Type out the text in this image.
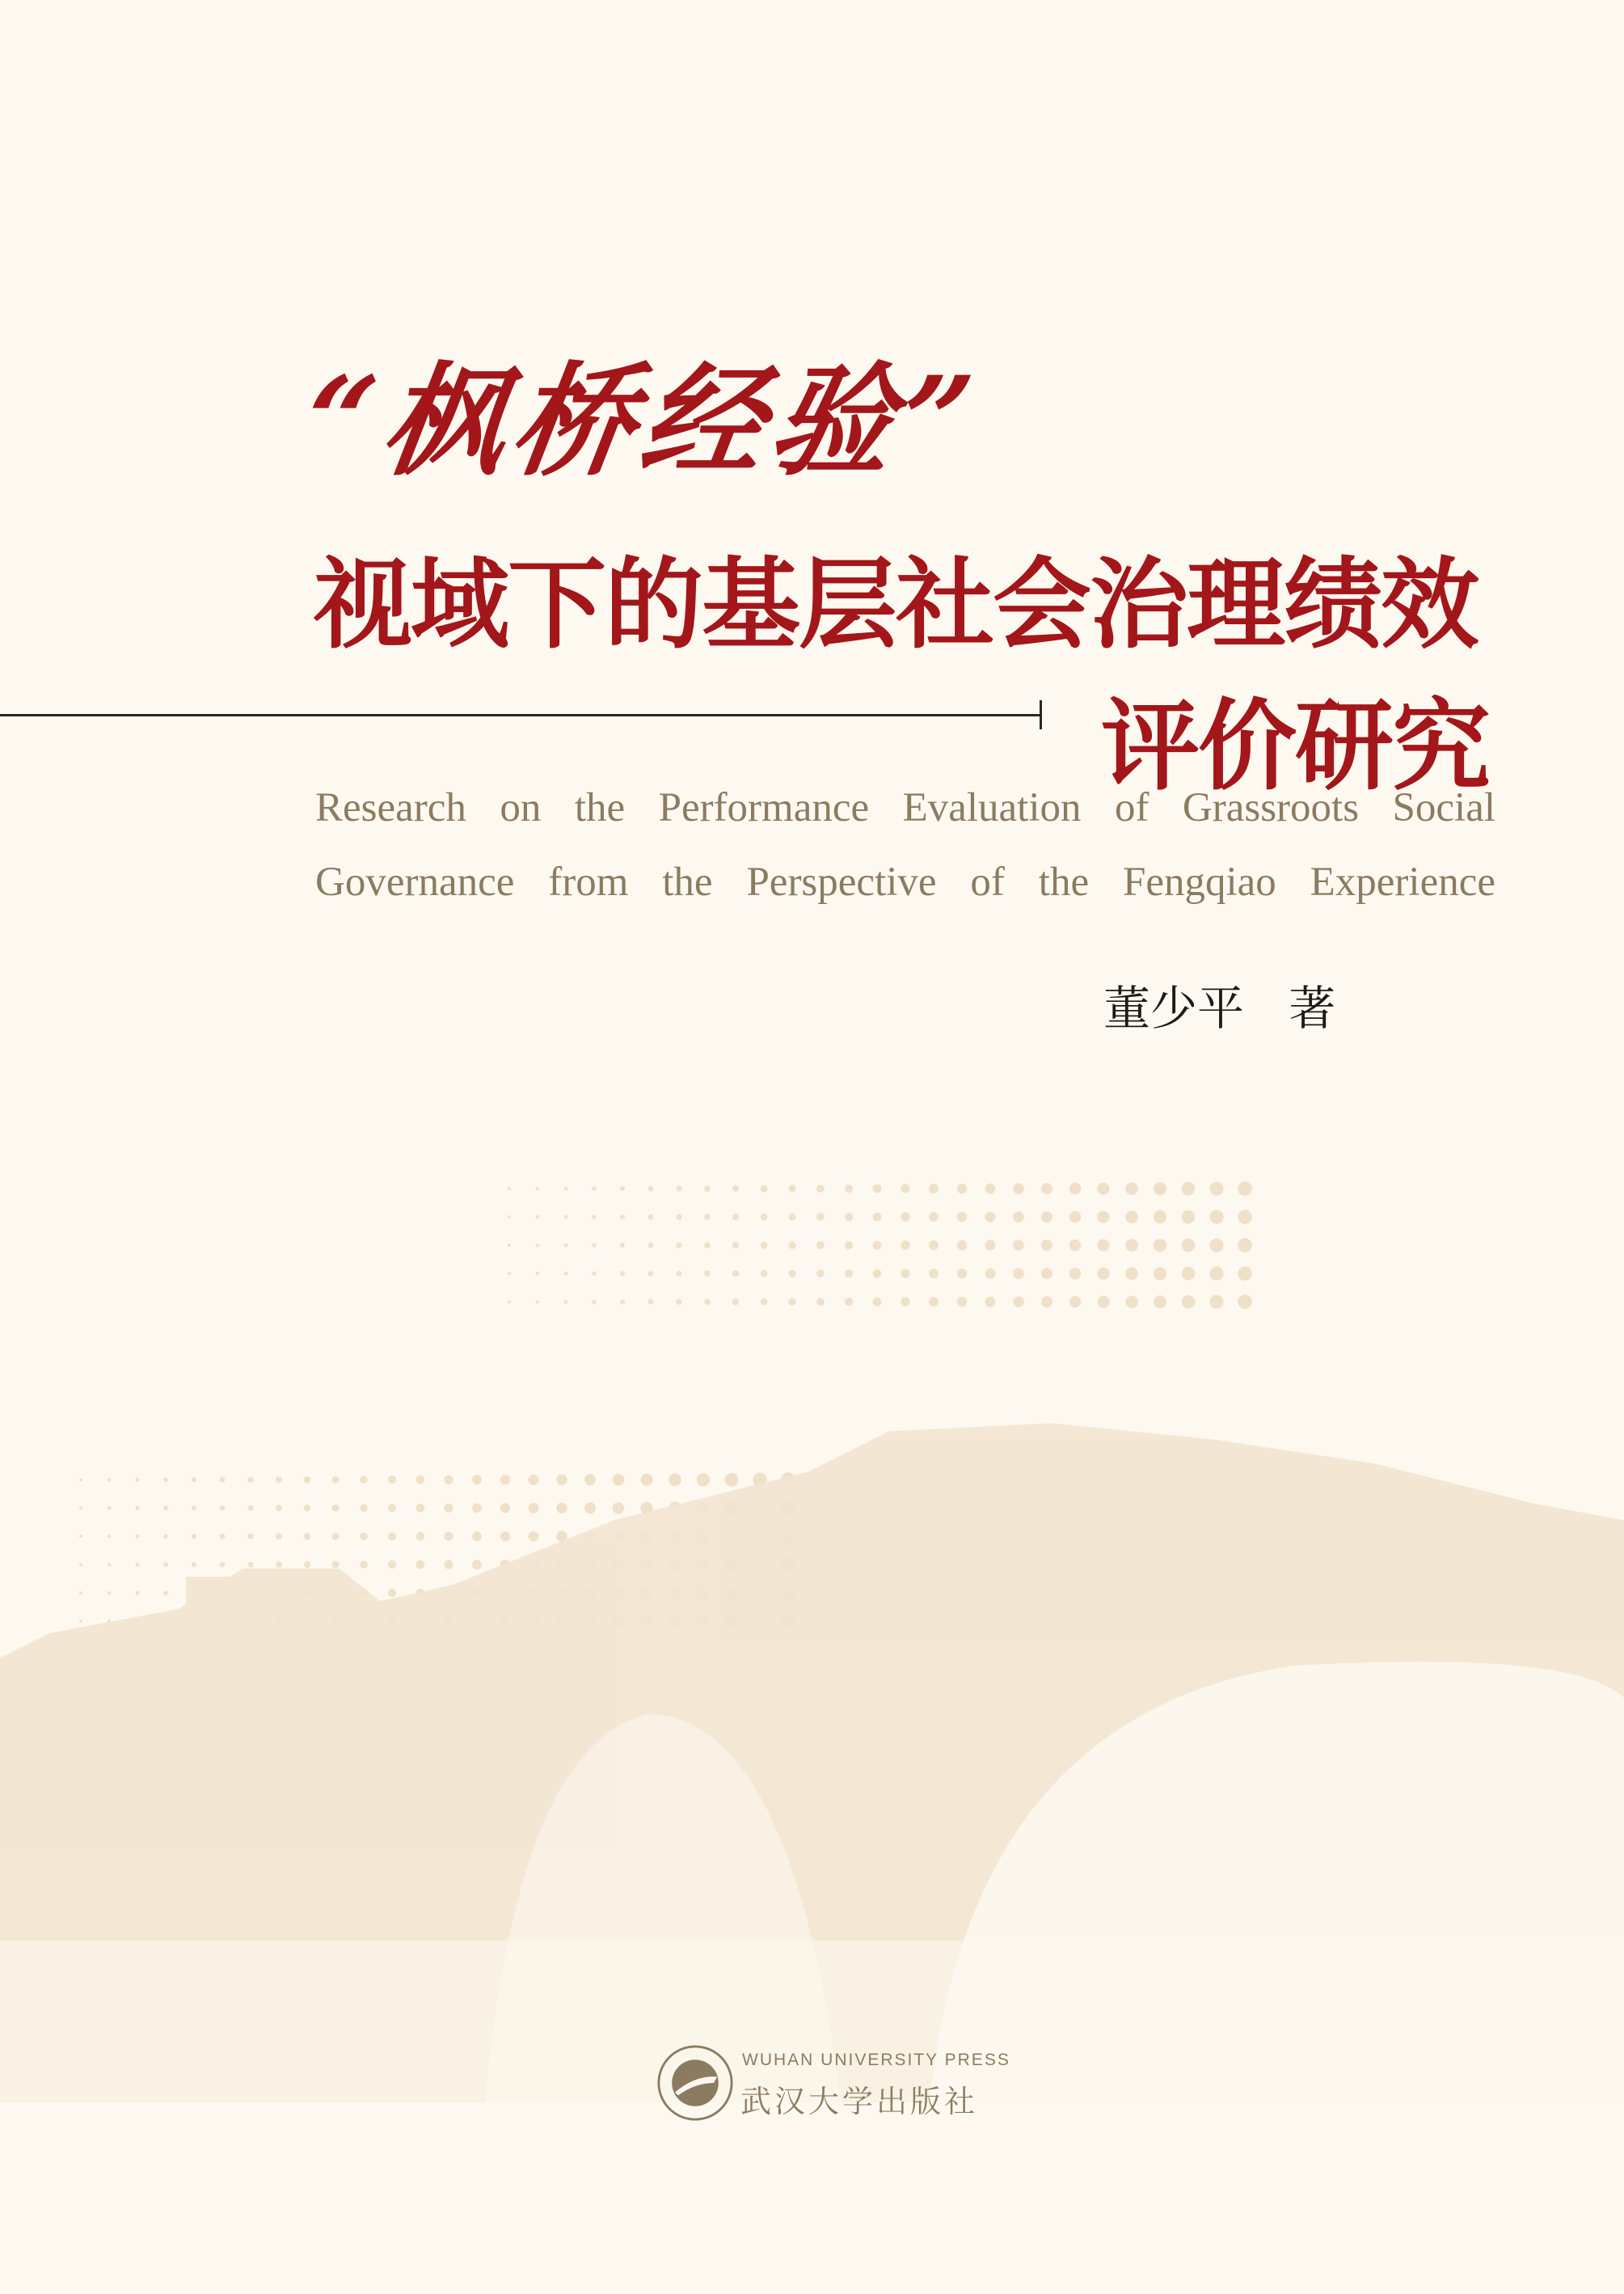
“枫桥经验”
视域下的基层社会治理绩效
评价研究
Research on the Performance Evaluation of Grassroots Social
Governance from the Perspective of the Fengqiao Experience
董少平   著
WUHAN UNIVERSITY PRESS
武汉大学出版社
